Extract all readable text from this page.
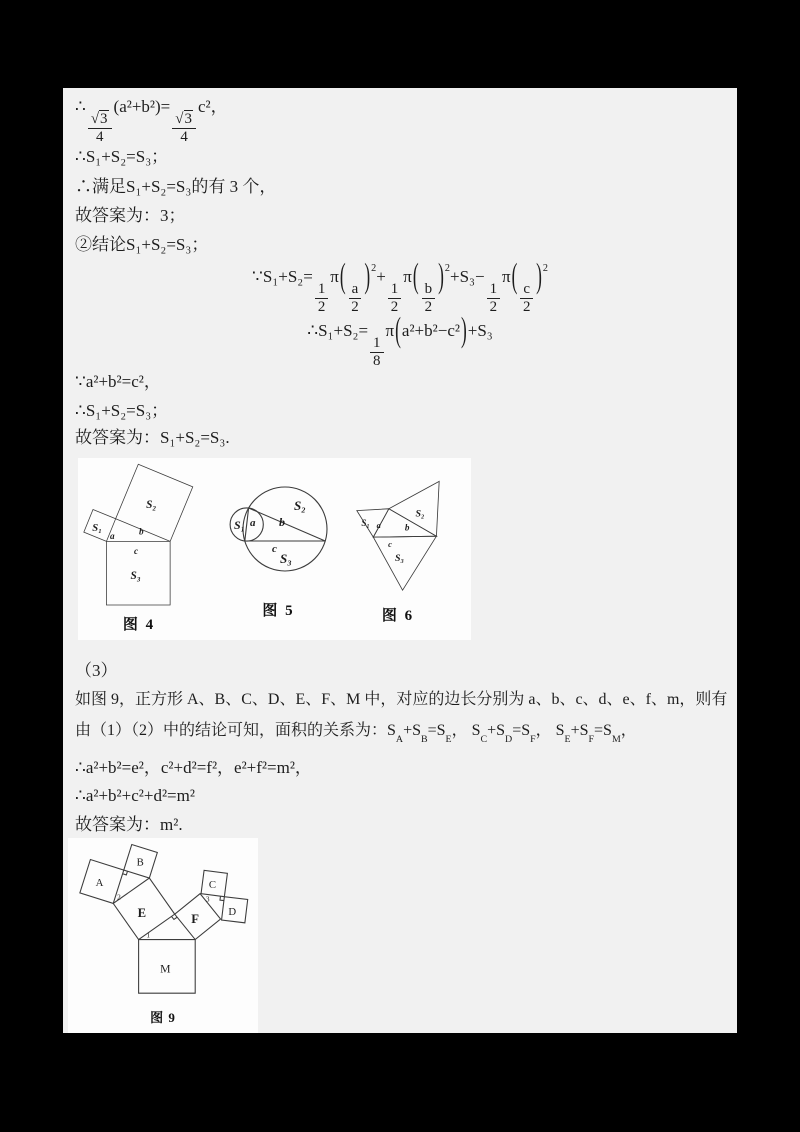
∴
$\frac{√3}{4}$
(a²+b²)=
$\frac{√3}{4}$
c²，
∴S₁+S₂=S₃；
∴满足S₁+S₂=S₃的有 3 个，
故答案为：3；
②结论S₁+S₂=S₃；
∵S₁+S₂=
$\frac{1}{2}$
π(
$\frac{a}{2}$
)$^2$+
$\frac{1}{2}$
π(
$\frac{b}{2}$
)$^2$+S₃−
$\frac{1}{2}$
π(
$\frac{c}{2}$
)$^2$
∴S₁+S₂=
$\frac{1}{8}$
π(a²+b²−c²)+S₃
∵a²+b²=c²，
∴S₁+S₂=S₃；
故答案为：S₁+S₂=S₃.
S₁
S₂
S₃
a b
c
图 4
S₁ a b
S₂
c
S₃
图 5
S₁ a b
c
S₂
S₃
图 6
（3）
如图 9，正方形 A、B、C、D、E、F、M 中，对应的边长分别为 a、b、c、d、e、f、m，则有
由（1）（2）中的结论可知，面积的关系为：$S_A+S_B=S_E$， $S_C+S_D=S_F$， $S_E+S_F=S_M$，
∴a²+b²=e²，c²+d²=f²，e²+f²=m²，
∴a²+b²+c²+d²=m²
故答案为：m².
A
B
C
D
E	F
M
1
2	3
图 9
